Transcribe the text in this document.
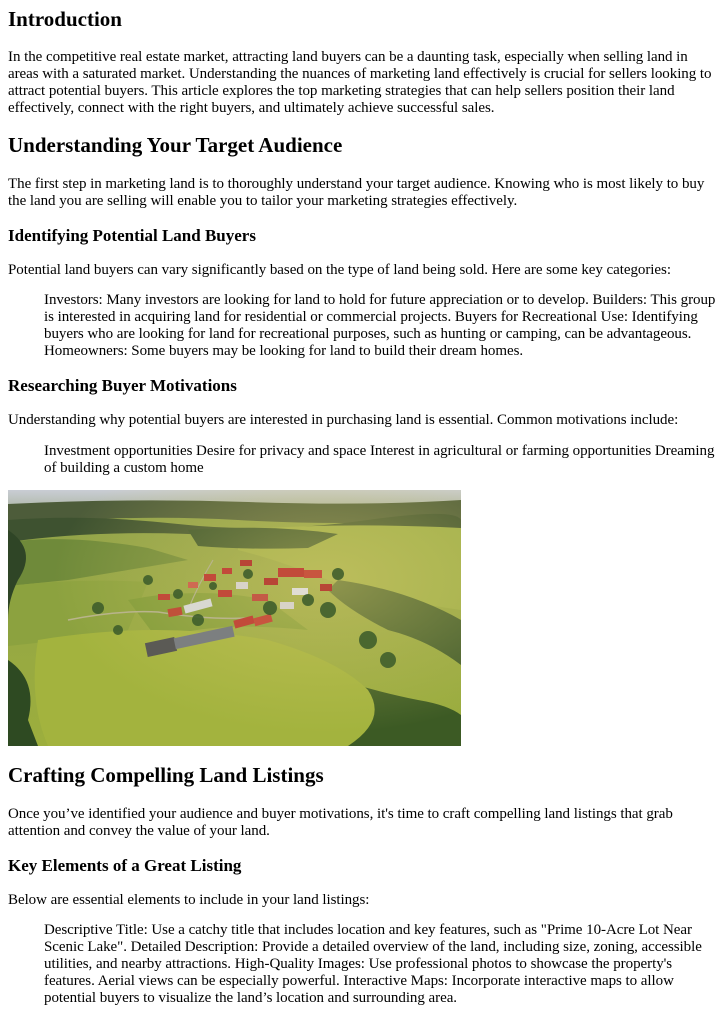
Introduction

In the competitive real estate market, attracting land buyers can be a daunting task, especially when selling land in areas with a saturated market. Understanding the nuances of marketing land effectively is crucial for sellers looking to attract potential buyers. This article explores the top marketing strategies that can help sellers position their land effectively, connect with the right buyers, and ultimately achieve successful sales.

Understanding Your Target Audience

The first step in marketing land is to thoroughly understand your target audience. Knowing who is most likely to buy the land you are selling will enable you to tailor your marketing strategies effectively.

Identifying Potential Land Buyers

Potential land buyers can vary significantly based on the type of land being sold. Here are some key categories:

Investors: Many investors are looking for land to hold for future appreciation or to develop. Builders: This group is interested in acquiring land for residential or commercial projects. Buyers for Recreational Use: Identifying buyers who are looking for land for recreational purposes, such as hunting or camping, can be advantageous. Homeowners: Some buyers may be looking for land to build their dream homes.
Researching Buyer Motivations

Understanding why potential buyers are interested in purchasing land is essential. Common motivations include:

Investment opportunities Desire for privacy and space Interest in agricultural or farming opportunities Dreaming of building a custom home
Crafting Compelling Land Listings

Once you’ve identified your audience and buyer motivations, it's time to craft compelling land listings that grab attention and convey the value of your land.

Key Elements of a Great Listing

Below are essential elements to include in your land listings:

Descriptive Title: Use a catchy title that includes location and key features, such as "Prime 10-Acre Lot Near Scenic Lake". Detailed Description: Provide a detailed overview of the land, including size, zoning, accessible utilities, and nearby attractions. High-Quality Images: Use professional photos to showcase the property's features. Aerial views can be especially powerful. Interactive Maps: Incorporate interactive maps to allow potential buyers to visualize the land’s location and surrounding area.
